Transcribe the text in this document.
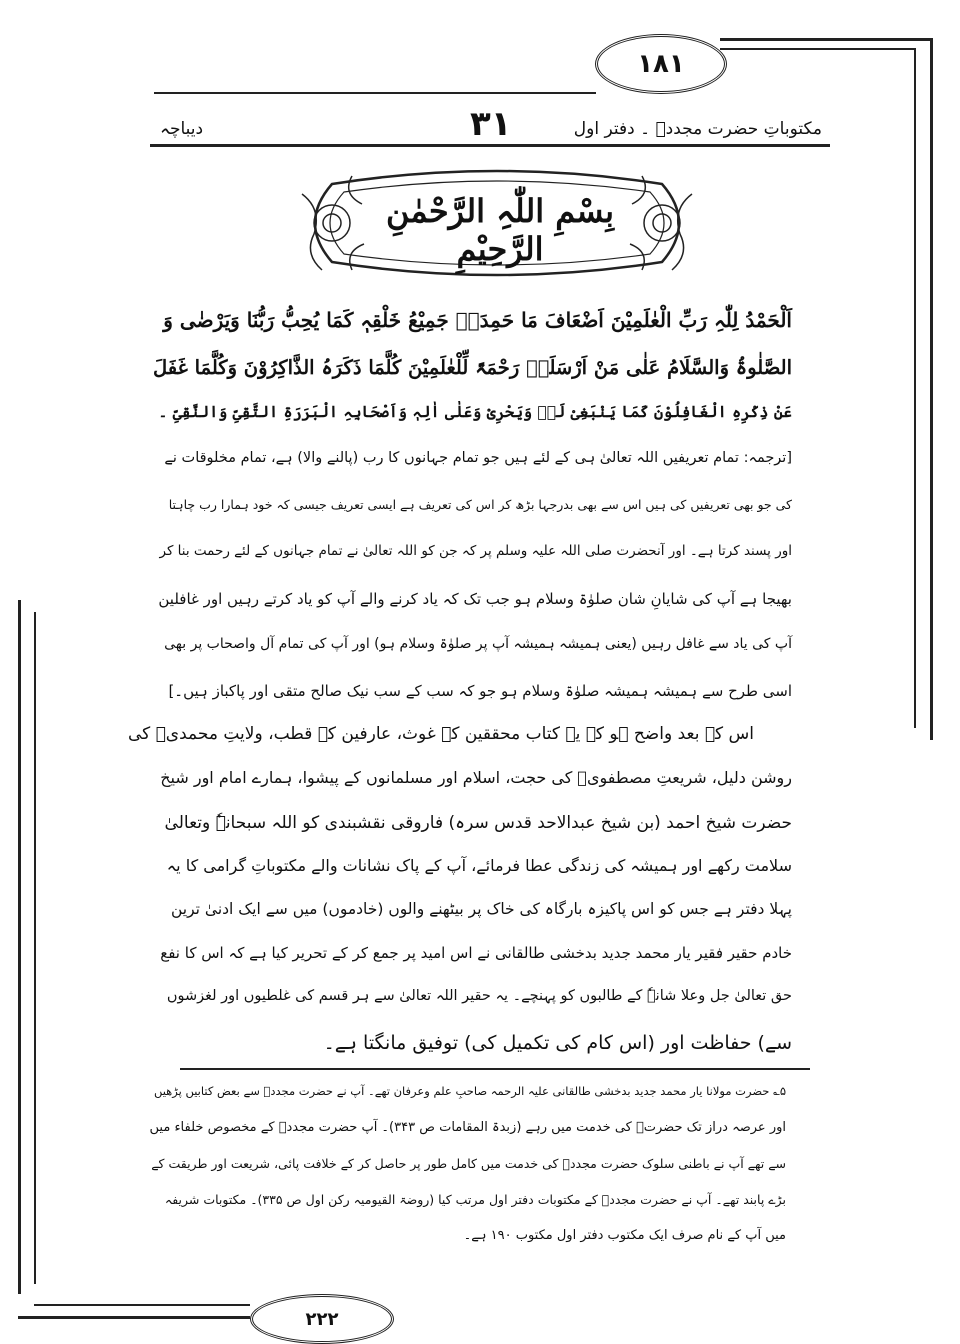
١٨١
٢٢٢
دیباچہ	٣١	مکتوباتِ حضرت مجددؒ ۔ دفتر اول
بِسْمِ اللّٰہِ الرَّحْمٰنِ الرَّحِیْمِ
اَلْحَمْدُ لِلّٰہِ رَبِّ الْعٰلَمِیْنَ اَضْعَافَ مَا حَمِدَہٗ جَمِیْعُ خَلْقِہٖ کَمَا یُحِبُّ رَبُّنَا وَیَرْضٰی وَ
الصَّلٰوۃُ وَالسَّلَامُ عَلٰی مَنْ اَرْسَلَہٗ رَحْمَۃً لِّلْعٰلَمِیْنَ کُلَّمَا ذَکَرَہُ الذَّاکِرُوْنَ وَکُلَّمَا غَفَلَ
عَنْ ذِکْرِہِ الْغَافِلُوْنَ کَمَا یَنْبَغِیْ لَہٗ وَیَحْرِیْ وَعَلٰی اٰلِہٖ وَاَصْحَابِہِ الْبَرَرَۃِ التَّقِیِّ وَالنَّقِیِّ ۔
[ترجمہ: تمام تعریفیں اللہ تعالیٰ ہی کے لئے ہیں جو تمام جہانوں کا رب (پالنے والا) ہے، تمام مخلوقات نے
کی جو بھی تعریفیں کی ہیں اس سے بھی بدرجہا بڑھ کر اس کی تعریف ہے ایسی تعریف جیسی کہ خود ہمارا رب چاہتا
اور پسند کرتا ہے۔ اور آنحضرت صلی اللہ علیہ وسلم پر کہ جن کو اللہ تعالیٰ نے تمام جہانوں کے لئے رحمت بنا کر
بھیجا ہے آپ کی شایانِ شان صلوٰۃ وسلام ہو جب تک کہ یاد کرنے والے آپ کو یاد کرتے رہیں اور غافلین
آپ کی یاد سے غافل رہیں (یعنی ہمیشہ ہمیشہ آپ پر صلوٰۃ وسلام ہو) اور آپ کی تمام آل واصحاب پر بھی
اسی طرح سے ہمیشہ ہمیشہ صلوٰۃ وسلام ہو جو کہ سب کے سب نیک صالح متقی اور پاکباز ہیں۔]
اس کے بعد واضح ہو کہ یہ کتاب محققین کے غوث، عارفین کے قطب، ولایتِ محمدیؐ کی
روشن دلیل، شریعتِ مصطفویؐ کی حجت، اسلام اور مسلمانوں کے پیشوا، ہمارے امام اور شیخ
حضرت شیخ احمد (بن شیخ عبدالاحد قدس سرہ) فاروقی نقشبندی کو اللہ سبحانہٗ وتعالیٰ
سلامت رکھے اور ہمیشہ کی زندگی عطا فرمائے، آپ کے پاک نشانات والے مکتوباتِ گرامی کا یہ
پہلا دفتر ہے جس کو اس پاکیزہ بارگاہ کی خاک پر بیٹھنے والوں (خادموں) میں سے ایک ادنیٰ ترین
خادم حقیر فقیر یار محمد جدید بدخشی طالقانی نے اس امید پر جمع کر کے تحریر کیا ہے کہ اس کا نفع
حق تعالیٰ جل وعلا شانہٗ کے طالبوں کو پہنچے۔ یہ حقیر اللہ تعالیٰ سے ہر قسم کی غلطیوں اور لغزشوں
سے) حفاظت اور (اس کام کی تکمیل کی) توفیق مانگتا ہے۔
۵؎ حضرت مولانا یار محمد جدید بدخشی طالقانی علیہ الرحمہ صاحبِ علم وعرفان تھے۔ آپ نے حضرت مجددؒ سے بعض کتابیں پڑھیں
اور عرصہ دراز تک حضرتؒ کی خدمت میں رہے (زبدۃ المقامات ص ۳۴۳)۔ آپ حضرت مجددؒ کے مخصوص خلفاء میں
سے تھے آپ نے باطنی سلوک حضرت مجددؒ کی خدمت میں کامل طور پر حاصل کر کے خلافت پائی، شریعت اور طریقت کے
بڑے پابند تھے۔ آپ نے حضرت مجددؒ کے مکتوبات دفتر اول مرتب کیا (روضۃ القیومیہ رکن اول ص ۳۳۵)۔ مکتوبات شریفہ
میں آپ کے نام صرف ایک مکتوب دفتر اول مکتوب ۱۹۰ ہے۔
